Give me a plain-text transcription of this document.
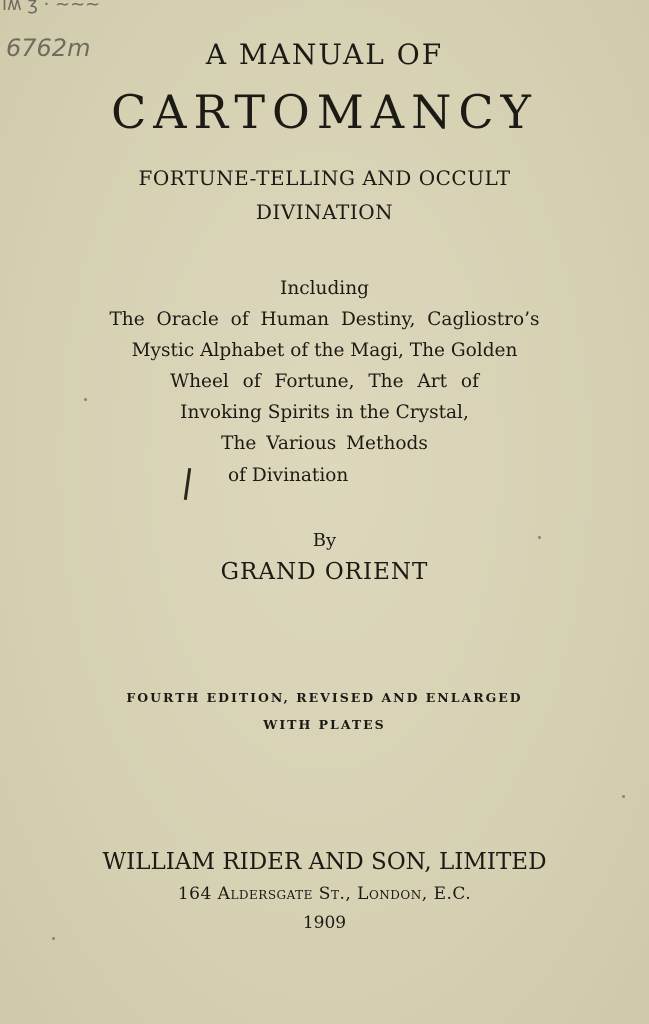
ıʍ ʒ · ~~~
6762m	A MANUAL OF
CARTOMANCY
FORTUNE-TELLING AND OCCULT
DIVINATION
Including
The Oracle of Human Destiny, Cagliostro’s
Mystic Alphabet of the Magi, The Golden
Wheel of Fortune, The Art of
Invoking Spirits in the Crystal,
The Various Methods
of Divination
By
GRAND ORIENT
FOURTH EDITION, REVISED AND ENLARGED
WITH PLATES
WILLIAM RIDER AND SON, LIMITED
164 Aldersgate St., London, E.C.
1909
